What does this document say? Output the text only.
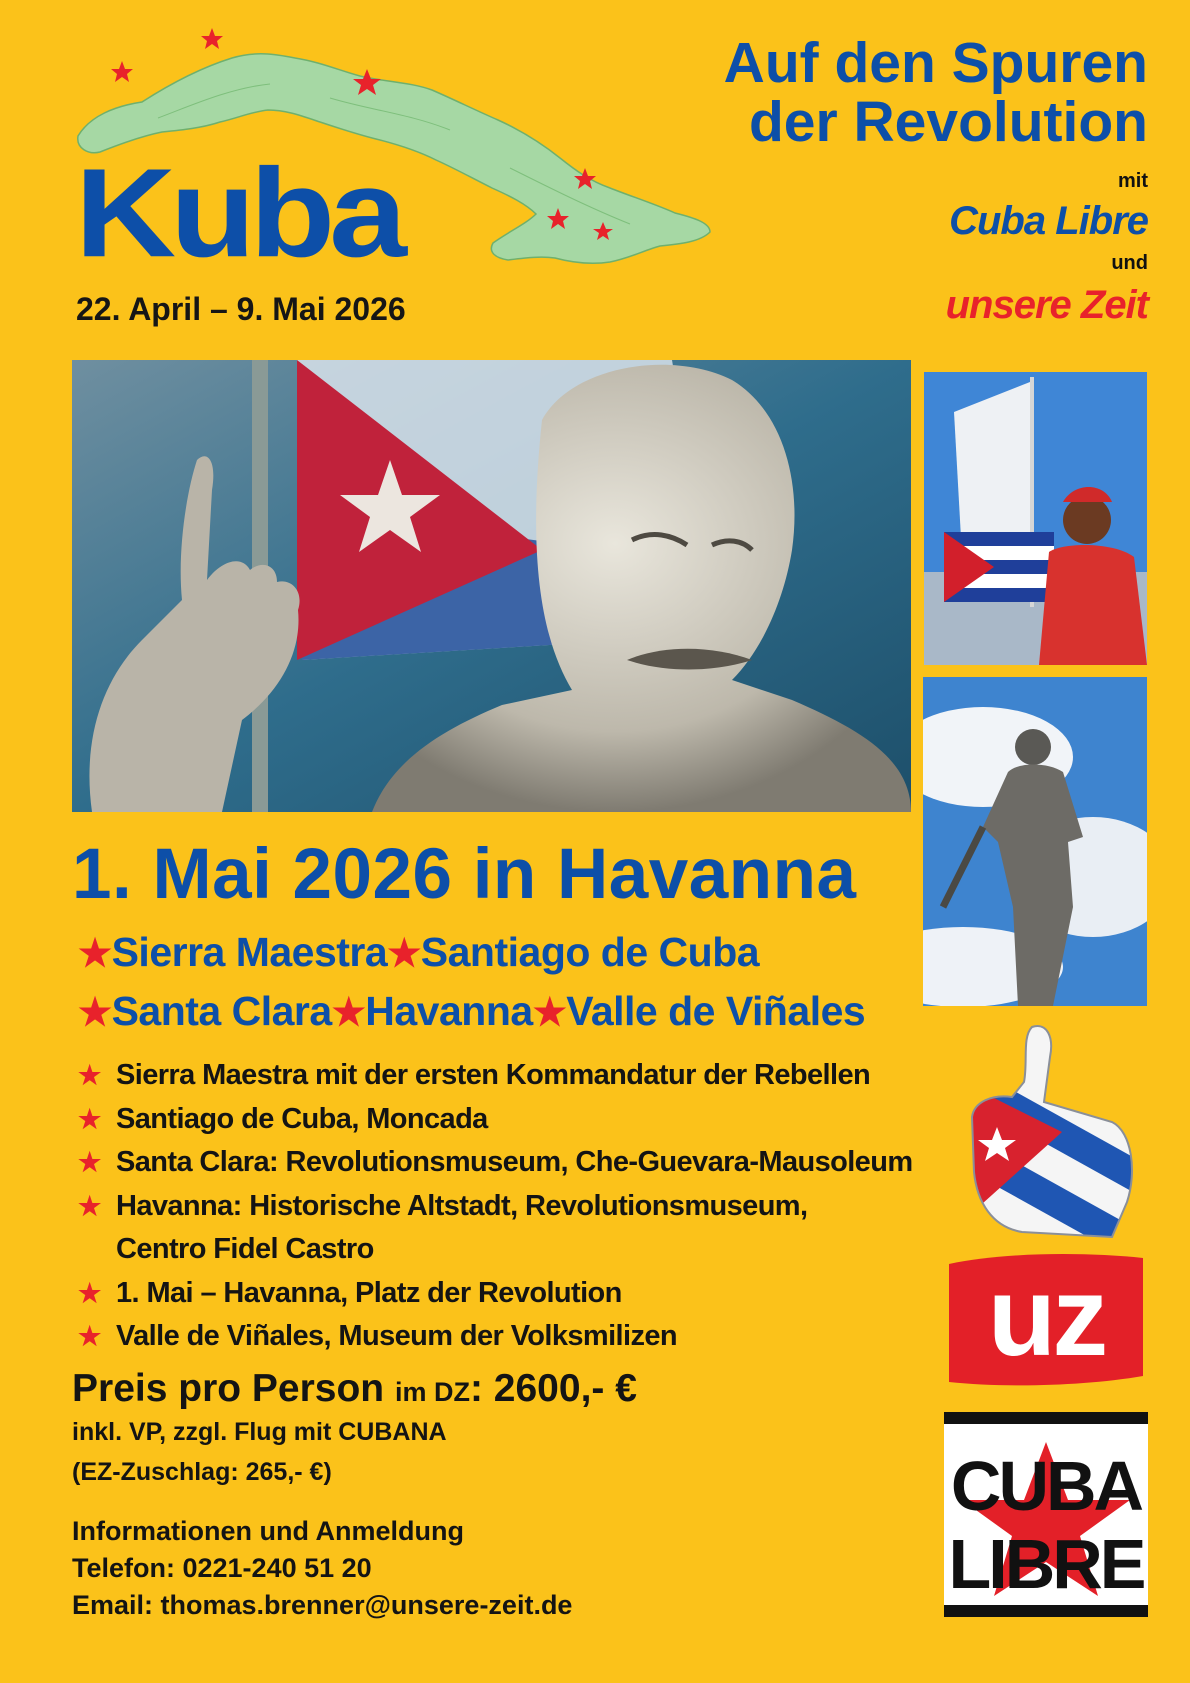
Kuba
22. April – 9. Mai 2026
Auf den Spuren
der Revolution
mit
Cuba Libre
und
unsere Zeit
1. Mai 2026 in Havanna
★Sierra Maestra★Santiago de Cuba
★Santa Clara★Havanna★Valle de Viñales
★ Sierra Maestra mit der ersten Kommandatur der Rebellen
★ Santiago de Cuba, Moncada
★ Santa Clara: Revolutionsmuseum, Che-Guevara-Mausoleum
★ Havanna: Historische Altstadt, Revolutionsmuseum,
Centro Fidel Castro
★ 1. Mai – Havanna, Platz der Revolution
★ Valle de Viñales, Museum der Volksmilizen
Preis pro Person im DZ: 2600,- €
inkl. VP, zzgl. Flug mit CUBANA
(EZ-Zuschlag: 265,- €)
Informationen und Anmeldung
Telefon: 0221-240 51 20
Email: thomas.brenner@unsere-zeit.de
uz
CUBA
LIBRE
